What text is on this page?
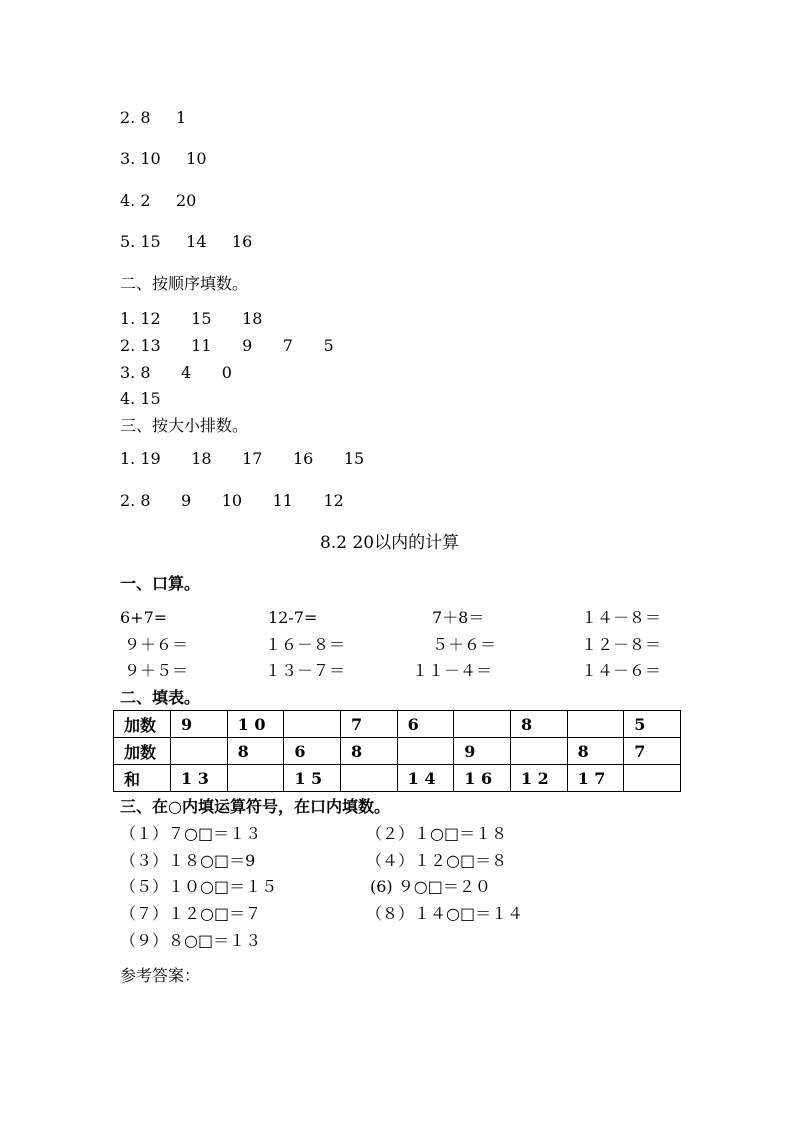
2. 8     1
3. 10     10
4. 2     20
5. 15     14     16
二、按顺序填数。
1. 12      15      18
2. 13      11      9      7      5
3. 8      4      0
4. 15
三、按大小排数。
1. 19      18      17      16      15
2. 8      9      10      11      12
8.2 20以内的计算
一、口算。
6+7=	12-7=	7＋8＝	１４－８＝
９＋６＝	１６－８＝	５＋６＝	１２－８＝
９＋５＝	１３－７＝	１１－４＝	１４－６＝
二、填表。
加数	9	1 0		7	6		8		5
加数		8	6	8		9		8	7
和	1 3		1 5		1 4	1 6	1 2	1 7	
三、在○内填运算符号，在口内填数。
（１）７○□＝１３
（３）１８○□＝9
（５）１０○□＝１５
（７）１２○□＝７
（９）８○□＝１３
（２）１○□＝１８
（４）１２○□＝８
(6) ９○□＝２０
（８）１４○□＝１４
参考答案：
